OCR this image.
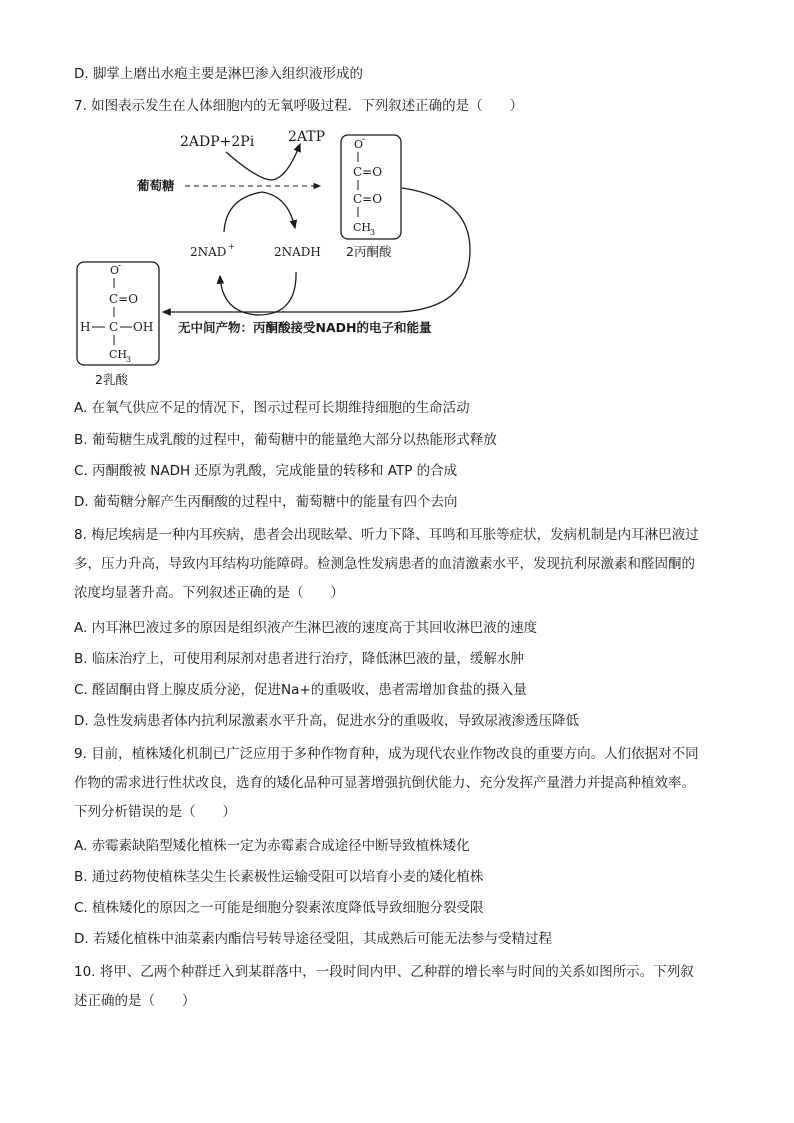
D. 脚掌上磨出水疱主要是淋巴渗入组织液形成的
7. 如图表示发生在人体细胞内的无氧呼吸过程．下列叙述正确的是（　　）
2ADP+2Pi 2ATP
葡萄糖
2NAD +	2NADH
O
-
C=O
C=O
CH
3
2丙酮酸
无中间产物：丙酮酸接受NADH的电子和能量
O
-
C=O
H C OH
CH
3
2乳酸
A. 在氧气供应不足的情况下，图示过程可长期维持细胞的生命活动
B. 葡萄糖生成乳酸的过程中，葡萄糖中的能量绝大部分以热能形式释放
C. 丙酮酸被 NADH 还原为乳酸，完成能量的转移和 ATP 的合成
D. 葡萄糖分解产生丙酮酸的过程中，葡萄糖中的能量有四个去向
8. 梅尼埃病是一种内耳疾病，患者会出现眩晕、听力下降、耳鸣和耳胀等症状，发病机制是内耳淋巴液过
多，压力升高，导致内耳结构功能障碍。检测急性发病患者的血清激素水平，发现抗利尿激素和醛固酮的
浓度均显著升高。下列叙述正确的是（　　）
A. 内耳淋巴液过多的原因是组织液产生淋巴液的速度高于其回收淋巴液的速度
B. 临床治疗上，可使用利尿剂对患者进行治疗，降低淋巴液的量，缓解水肿
C. 醛固酮由肾上腺皮质分泌，促进Na+的重吸收，患者需增加食盐的摄入量
D. 急性发病患者体内抗利尿激素水平升高，促进水分的重吸收，导致尿液渗透压降低
9. 目前，植株矮化机制已广泛应用于多种作物育种，成为现代农业作物改良的重要方向。人们依据对不同
作物的需求进行性状改良，选育的矮化品种可显著增强抗倒伏能力、充分发挥产量潜力并提高种植效率。
下列分析错误的是（　　）
A. 赤霉素缺陷型矮化植株一定为赤霉素合成途径中断导致植株矮化
B. 通过药物使植株茎尖生长素极性运输受阻可以培育小麦的矮化植株
C. 植株矮化的原因之一可能是细胞分裂素浓度降低导致细胞分裂受限
D. 若矮化植株中油菜素内酯信号转导途径受阻，其成熟后可能无法参与受精过程
10. 将甲、乙两个种群迁入到某群落中，一段时间内甲、乙种群的增长率与时间的关系如图所示。下列叙
述正确的是（　　）
